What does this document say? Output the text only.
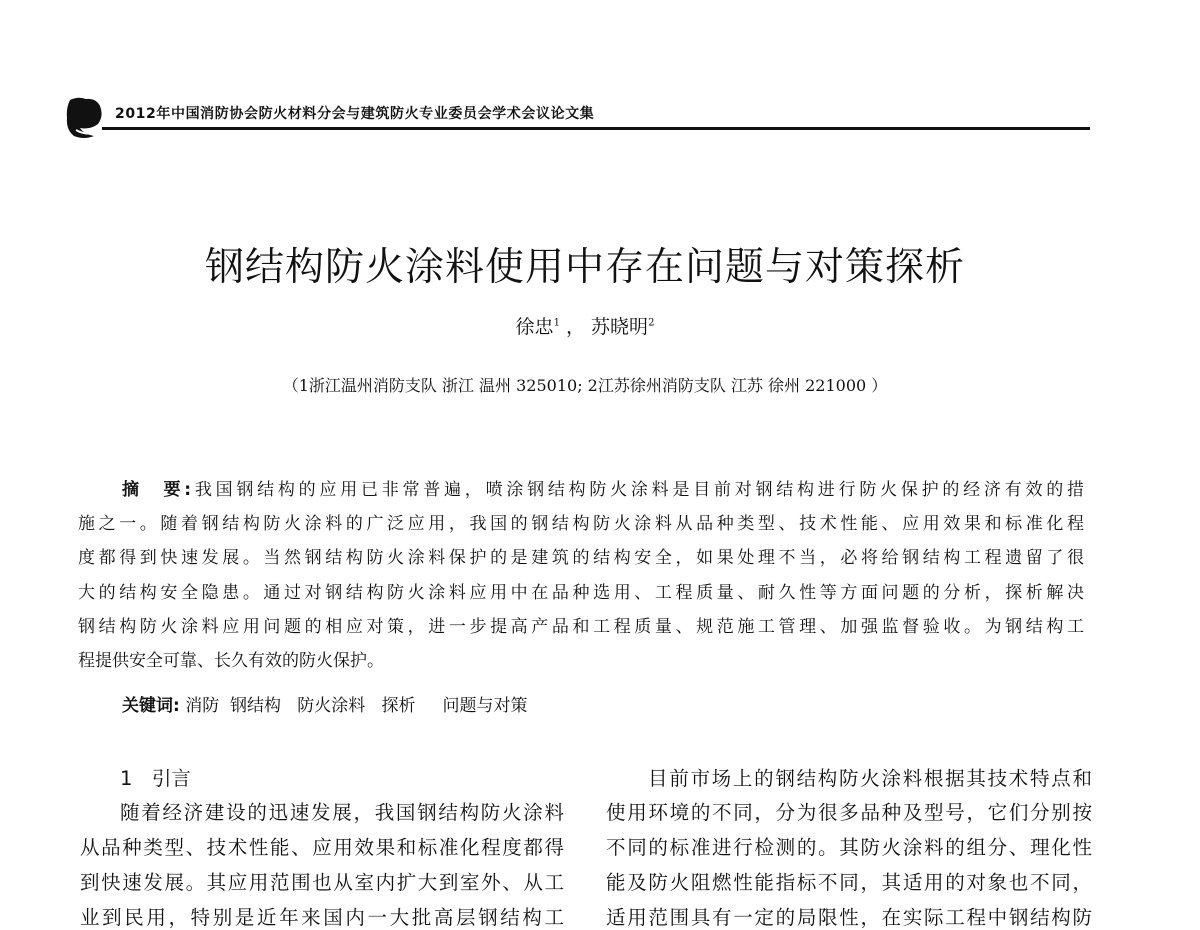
2012年中国消防协会防火材料分会与建筑防火专业委员会学术会议论文集
钢结构防火涂料使用中存在问题与对策探析
徐忠$^1$ ， 苏晓明$^2$
（1浙江温州消防支队 浙江 温州 325010; 2江苏徐州消防支队 江苏 徐州 221000 ）
摘　要:我国钢结构的应用已非常普遍，喷涂钢结构防火涂料是目前对钢结构进行防火保护的经济有效的措
施之一。随着钢结构防火涂料的广泛应用，我国的钢结构防火涂料从品种类型、技术性能、应用效果和标准化程
度都得到快速发展。当然钢结构防火涂料保护的是建筑的结构安全，如果处理不当，必将给钢结构工程遗留了很
大的结构安全隐患。通过对钢结构防火涂料应用中在品种选用、工程质量、耐久性等方面问题的分析，探析解决
钢结构防火涂料应用问题的相应对策，进一步提高产品和工程质量、规范施工管理、加强监督验收。为钢结构工
程提供安全可靠、长久有效的防火保护。
关键词: 消防  钢结构   防火涂料   探析     问题与对策
1　引言
随着经济建设的迅速发展，我国钢结构防火涂料
从品种类型、技术性能、应用效果和标准化程度都得
到快速发展。其应用范围也从室内扩大到室外、从工
业到民用，特别是近年来国内一大批高层钢结构工
目前市场上的钢结构防火涂料根据其技术特点和
使用环境的不同，分为很多品种及型号，它们分别按
不同的标准进行检测的。其防火涂料的组分、理化性
能及防火阻燃性能指标不同，其适用的对象也不同，
适用范围具有一定的局限性，在实际工程中钢结构防
